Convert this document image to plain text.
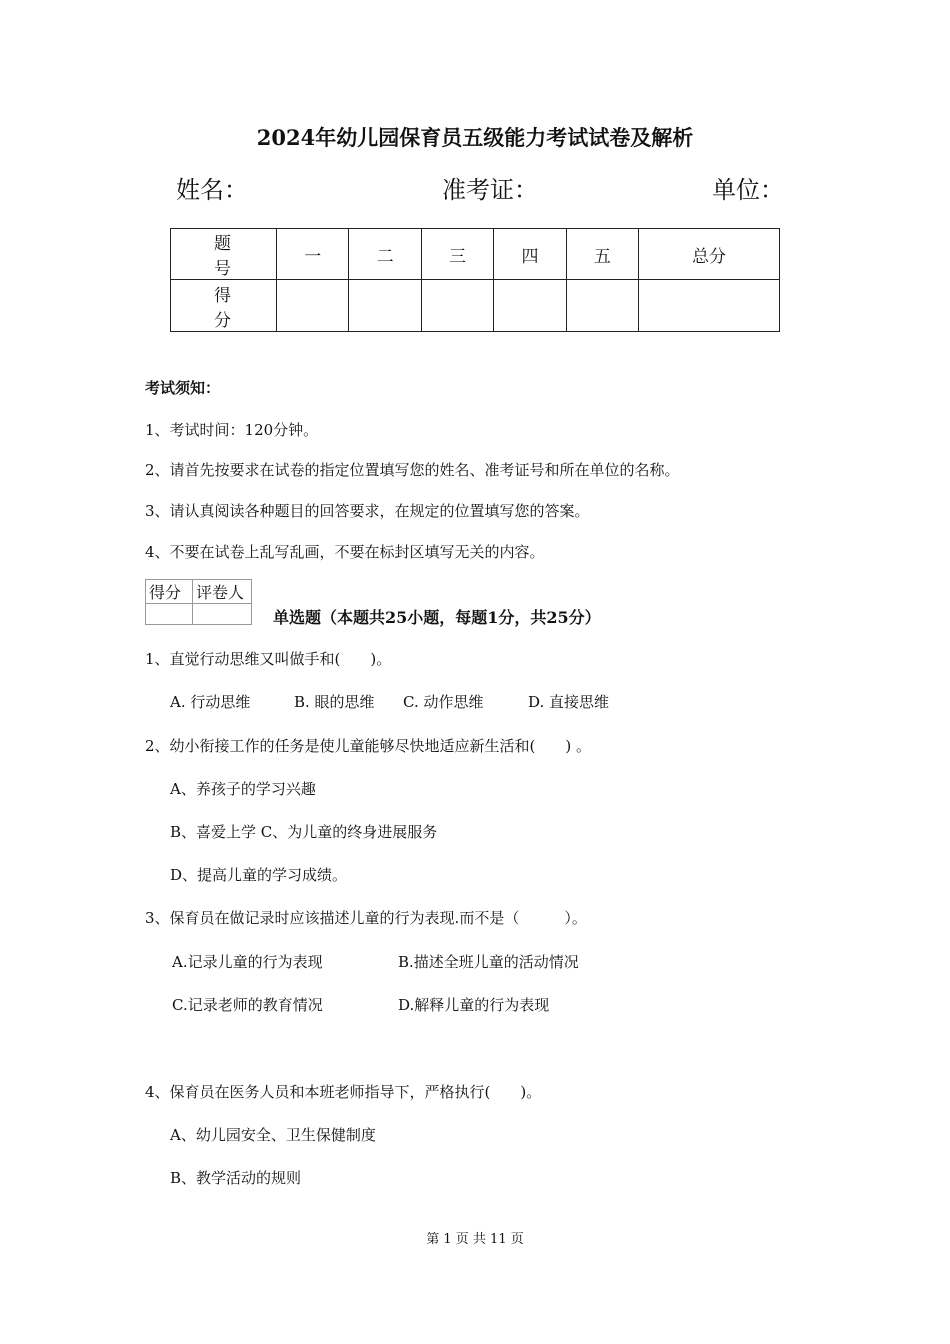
2024年幼儿园保育员五级能力考试试卷及解析
姓名：	准考证：	单位：
题　号	一	二	三	四	五	总分
得　分						
考试须知：
1、考试时间：120分钟。
2、请首先按要求在试卷的指定位置填写您的姓名、准考证号和所在单位的名称。
3、请认真阅读各种题目的回答要求，在规定的位置填写您的答案。
4、不要在试卷上乱写乱画，不要在标封区填写无关的内容。
得分	评卷人

单选题（本题共25小题，每题1分，共25分）
1、直觉行动思维又叫做手和(　　)。
A. 行动思维	B. 眼的思维 C. 动作思维	D. 直接思维
2、幼小衔接工作的任务是使儿童能够尽快地适应新生活和(　　) 。
A、养孩子的学习兴趣
B、喜爱上学 C、为儿童的终身进展服务
D、提高儿童的学习成绩。
3、保育员在做记录时应该描述儿童的行为表现.而不是（　　　）。
A.记录儿童的行为表现	B.描述全班儿童的活动情况
C.记录老师的教育情况	D.解释儿童的行为表现
4、保育员在医务人员和本班老师指导下，严格执行(　　)。
A、幼儿园安全、卫生保健制度
B、教学活动的规则
第 1 页 共 11 页
